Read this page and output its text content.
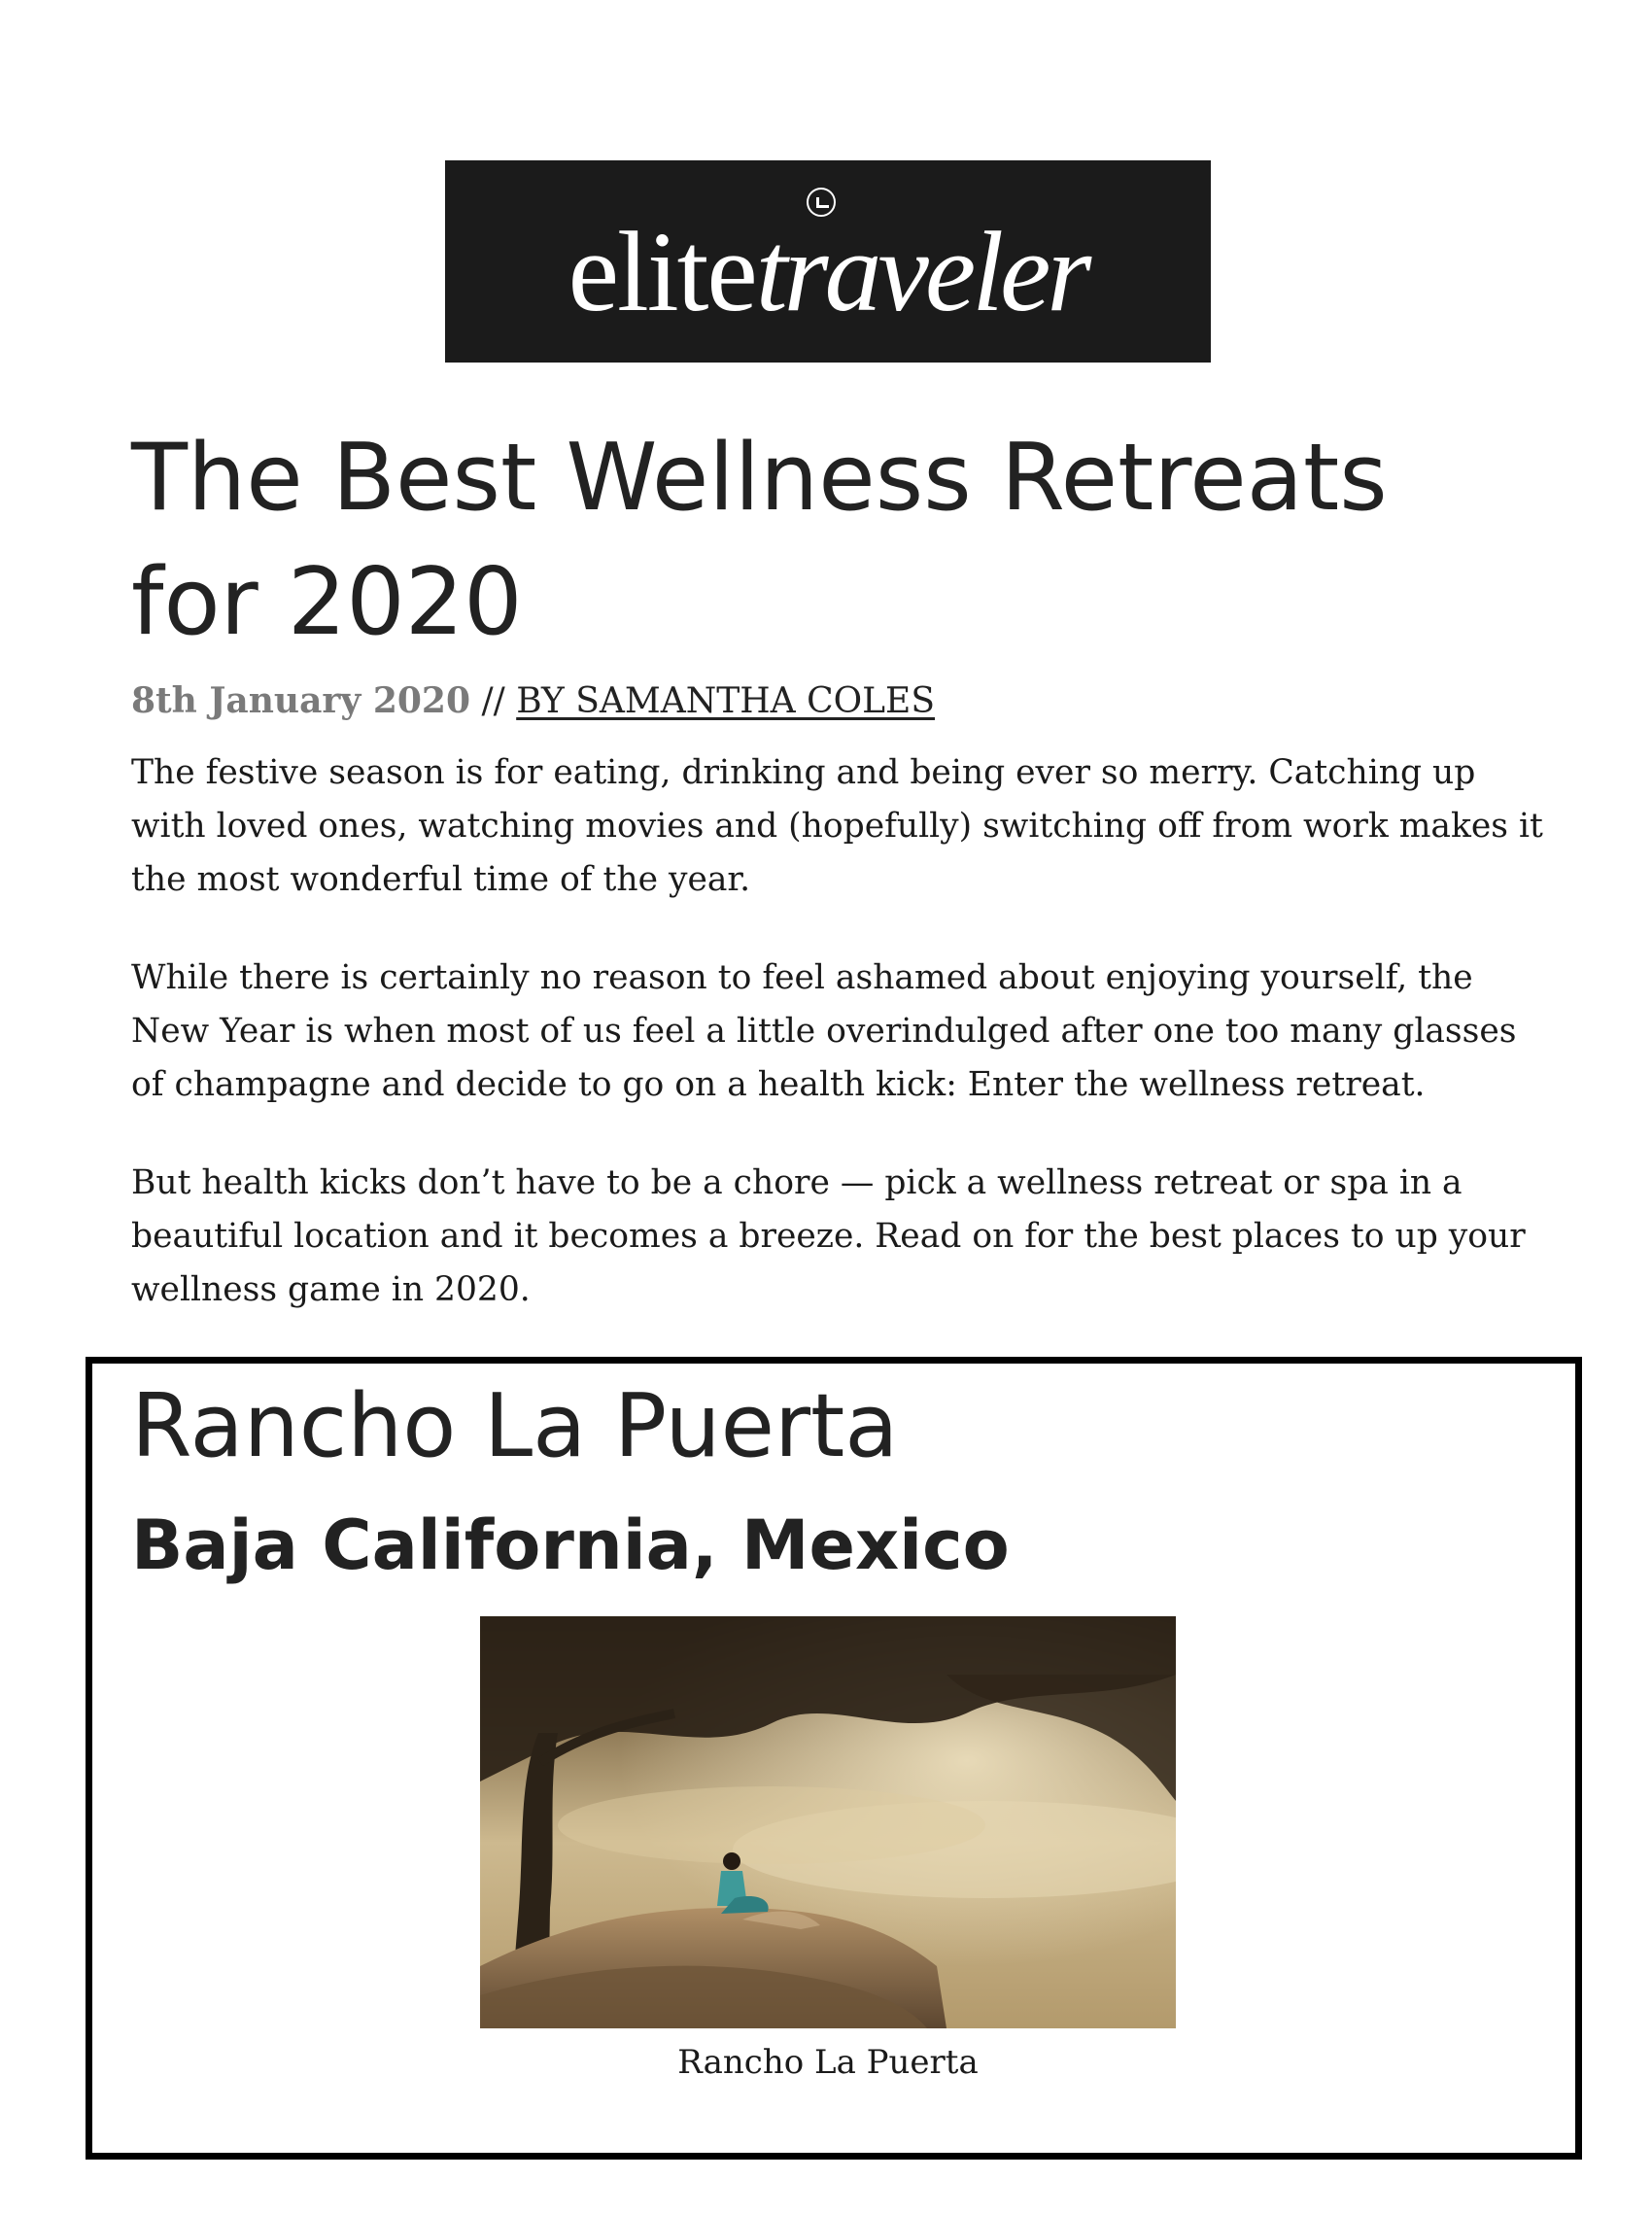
elitetraveler
The Best Wellness Retreats for 2020

8th January 2020 // BY SAMANTHA COLES

The festive season is for eating, drinking and being ever so merry. Catching up with loved ones, watching movies and (hopefully) switching off from work makes it the most wonderful time of the year.

While there is certainly no reason to feel ashamed about enjoying yourself, the New Year is when most of us feel a little overindulged after one too many glasses of champagne and decide to go on a health kick: Enter the wellness retreat.

But health kicks don’t have to be a chore — pick a wellness retreat or spa in a beautiful location and it becomes a breeze. Read on for the best places to up your wellness game in 2020.

Rancho La Puerta
Baja California, Mexico

Rancho La Puerta
